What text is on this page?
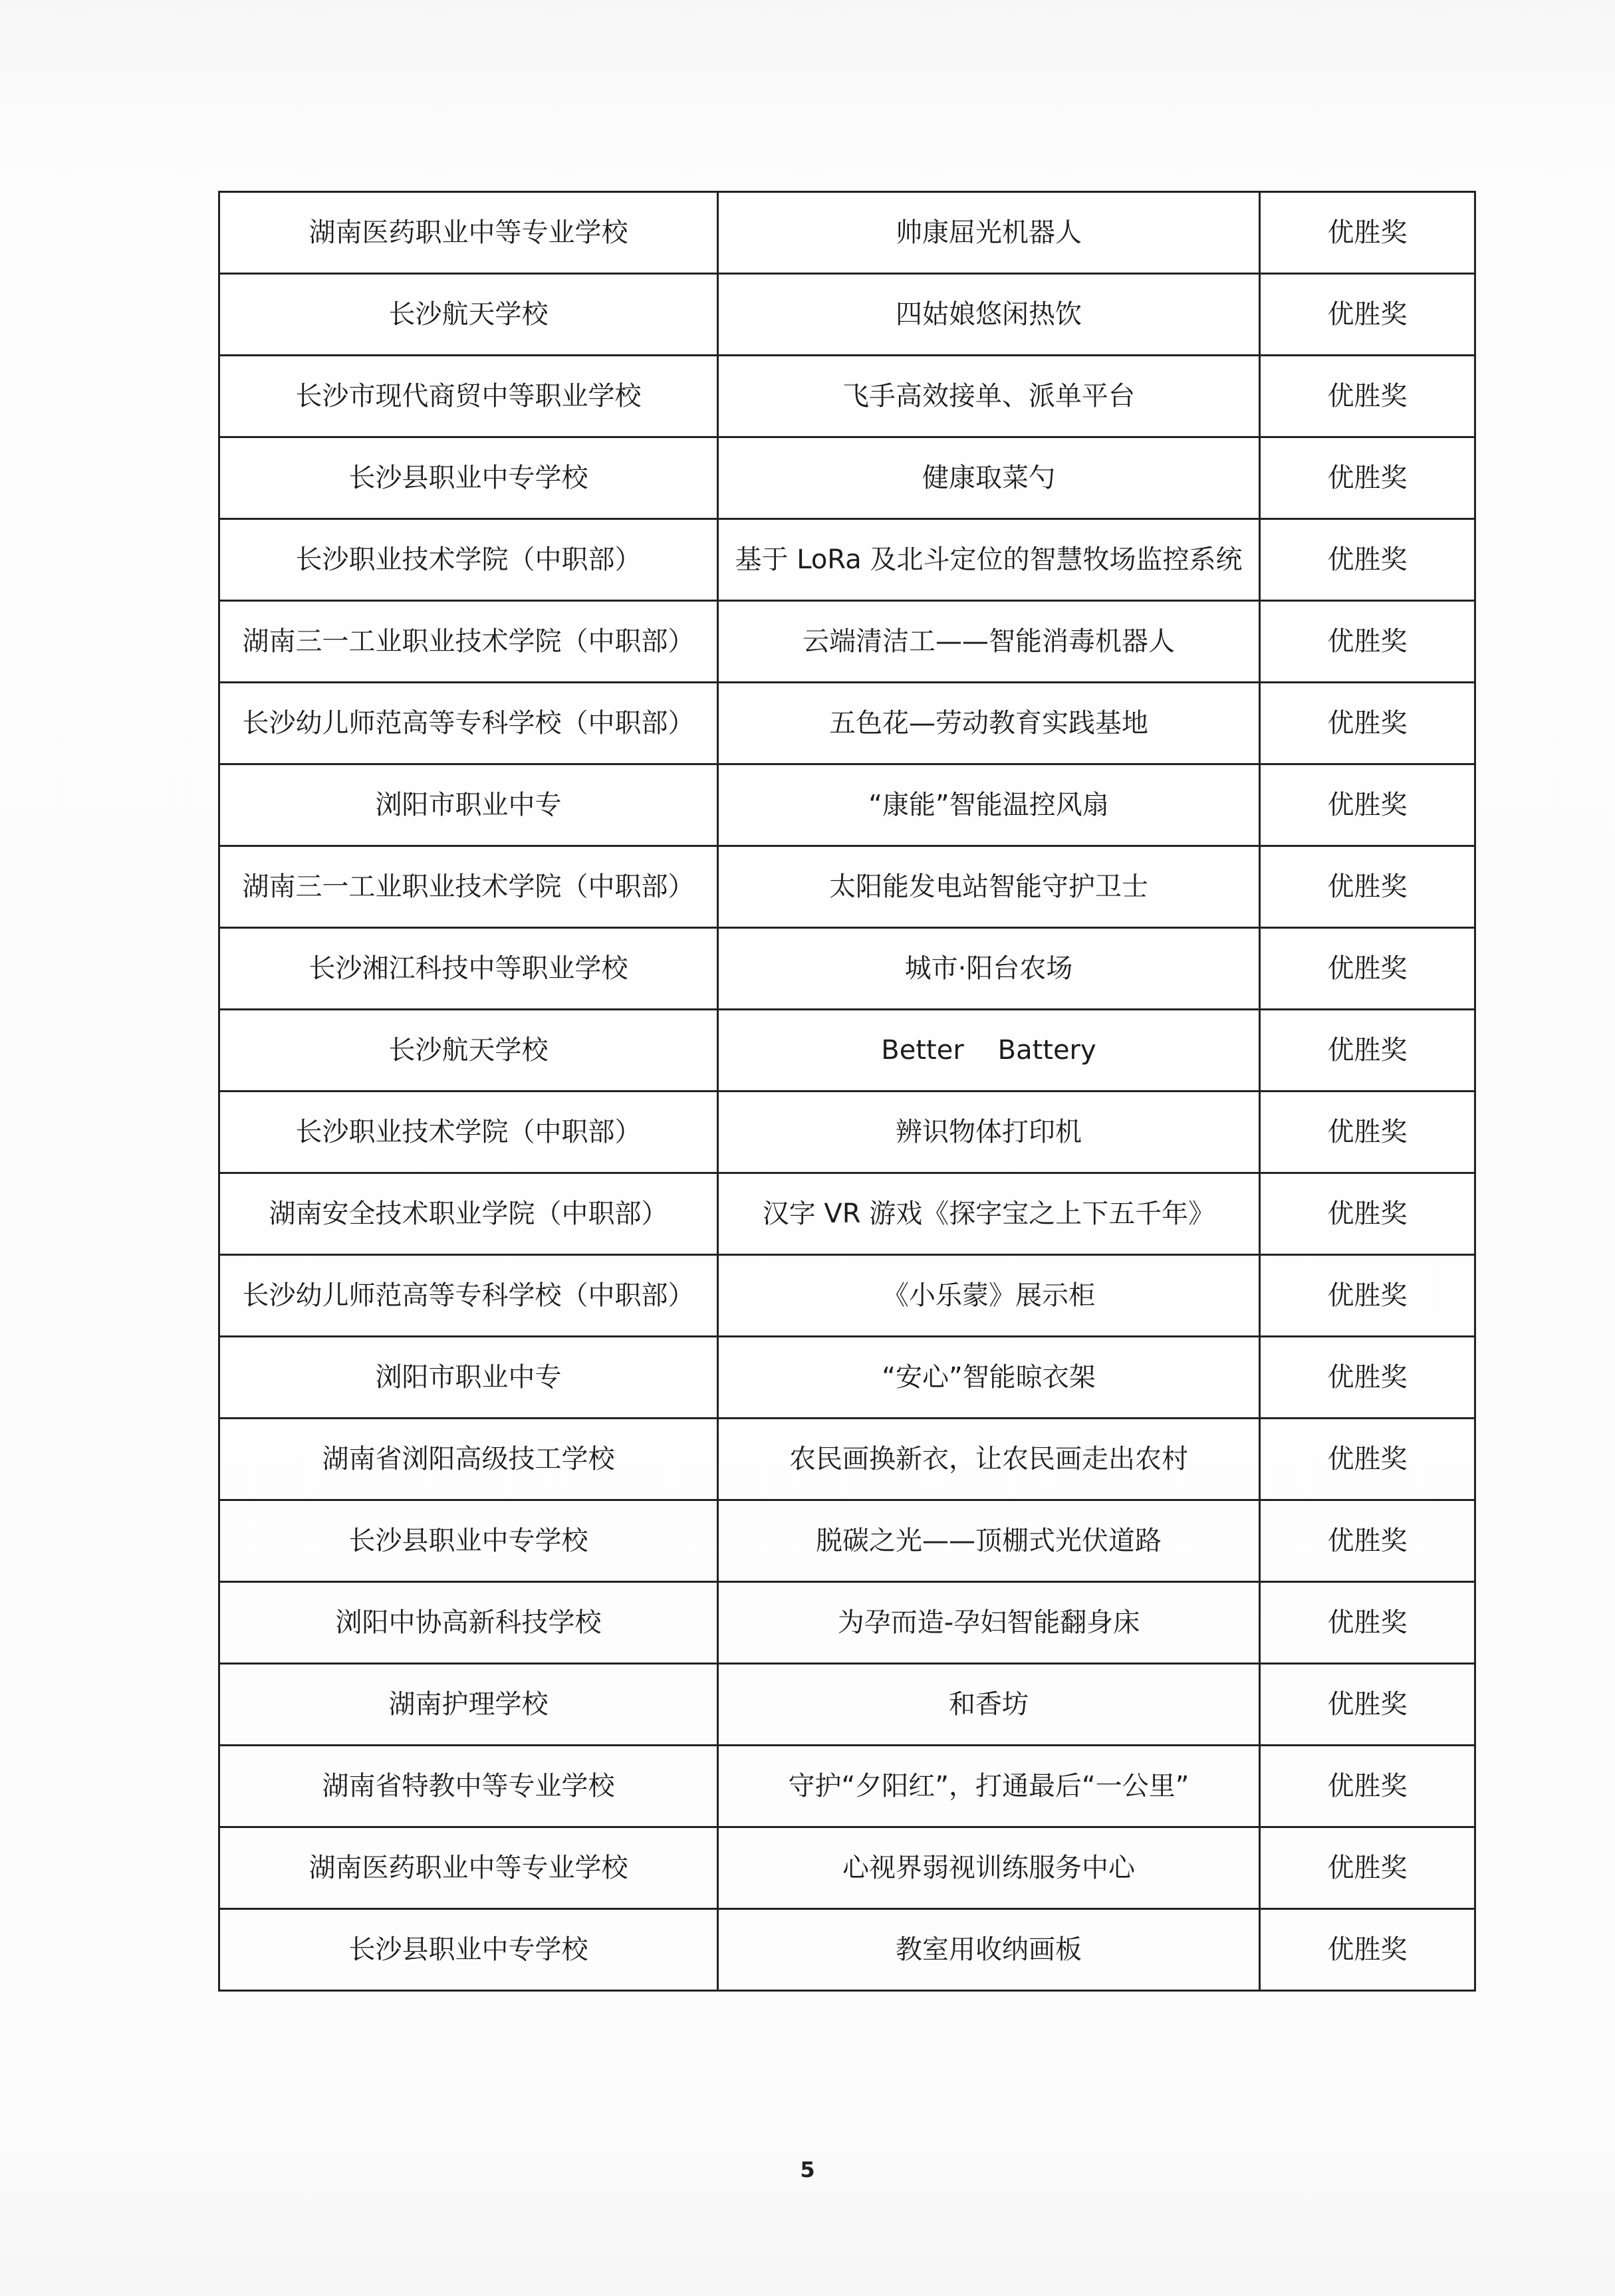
湖南医药职业中等专业学校	帅康屈光机器人	优胜奖
长沙航天学校	四姑娘悠闲热饮	优胜奖
长沙市现代商贸中等职业学校	飞手高效接单、派单平台	优胜奖
长沙县职业中专学校	健康取菜勺	优胜奖
长沙职业技术学院（中职部）	基于 LoRa 及北斗定位的智慧牧场监控系统	优胜奖
湖南三一工业职业技术学院（中职部）	云端清洁工——智能消毒机器人	优胜奖
长沙幼儿师范高等专科学校（中职部）	五色花—劳动教育实践基地	优胜奖
浏阳市职业中专	“康能”智能温控风扇	优胜奖
湖南三一工业职业技术学院（中职部）	太阳能发电站智能守护卫士	优胜奖
长沙湘江科技中等职业学校	城市·阳台农场	优胜奖
长沙航天学校	Better    Battery	优胜奖
长沙职业技术学院（中职部）	辨识物体打印机	优胜奖
湖南安全技术职业学院（中职部）	汉字 VR 游戏《探字宝之上下五千年》	优胜奖
长沙幼儿师范高等专科学校（中职部）	《小乐蒙》展示柜	优胜奖
浏阳市职业中专	“安心”智能晾衣架	优胜奖
湖南省浏阳高级技工学校	农民画换新衣，让农民画走出农村	优胜奖
长沙县职业中专学校	脱碳之光——顶棚式光伏道路	优胜奖
浏阳中协高新科技学校	为孕而造-孕妇智能翻身床	优胜奖
湖南护理学校	和香坊	优胜奖
湖南省特教中等专业学校	守护“夕阳红”，打通最后“一公里”	优胜奖
湖南医药职业中等专业学校	心视界弱视训练服务中心	优胜奖
长沙县职业中专学校	教室用收纳画板	优胜奖
5
